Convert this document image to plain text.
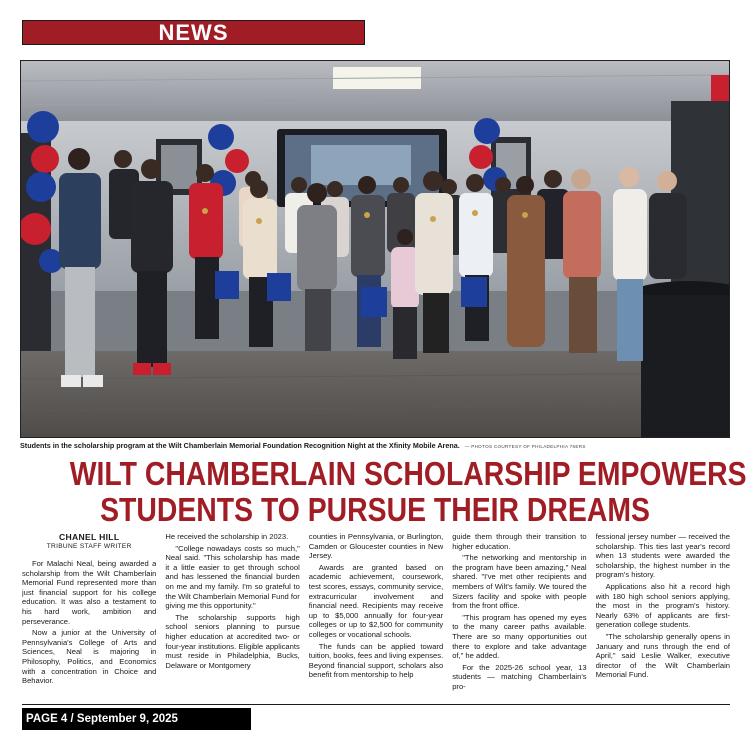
NEWS
Students in the scholarship program at the Wilt Chamberlain Memorial Foundation Recognition Night at the Xfinity Mobile Arena. — PHOTOS COURTESY OF PHILADELPHIA 76ERS
WILT CHAMBERLAIN SCHOLARSHIP EMPOWERS
STUDENTS TO PURSUE THEIR DREAMS
CHANEL HILL
TRIBUNE STAFF WRITER

For Malachi Neal, being awarded a scholarship from the Wilt Chamberlain Memorial Fund represented more than just financial support for his college education. It was also a testament to his hard work, ambition and perseverance.

Now a junior at the University of Pennsylvania's College of Arts and Sciences, Neal is majoring in Philosophy, Politics, and Economics with a concentration in Choice and Behavior.

He received the scholarship in 2023.

"College nowadays costs so much," Neal said. "This scholarship has made it a little easier to get through school and has lessened the financial burden on me and my family. I'm so grateful to the Wilt Chamberlain Memorial Fund for giving me this opportunity."

The scholarship supports high school seniors planning to pursue higher education at accredited two- or four-year institutions. Eligible applicants must reside in Philadelphia, Bucks, Delaware or Montgomery

counties in Pennsylvania, or Burlington, Camden or Gloucester counties in New Jersey.

Awards are granted based on academic achievement, coursework, test scores, essays, community service, extracurricular involvement and financial need. Recipients may receive up to $5,000 annually for four-year colleges or up to $2,500 for community colleges or vocational schools.

The funds can be applied toward tuition, books, fees and living expenses. Beyond financial support, scholars also benefit from mentorship to help

guide them through their transition to higher education.

"The networking and mentorship in the program have been amazing," Neal shared. "I've met other recipients and members of Wilt's family. We toured the Sizers facility and spoke with people from the front office.

"This program has opened my eyes to the many career paths available. There are so many opportunities out there to explore and take advantage of," he added.

For the 2025-26 school year, 13 students — matching Chamberlain's pro-

fessional jersey number — received the scholarship. This ties last year's record when 13 students were awarded the scholarship, the highest number in the program's history.

Applications also hit a record high with 180 high school seniors applying, the most in the program's history. Nearly 63% of applicants are first-generation college students.

"The scholarship generally opens in January and runs through the end of April," said Leslie Walker, executive director of the Wilt Chamberlain Memorial Fund.

PAGE 4 / September 9, 2025
